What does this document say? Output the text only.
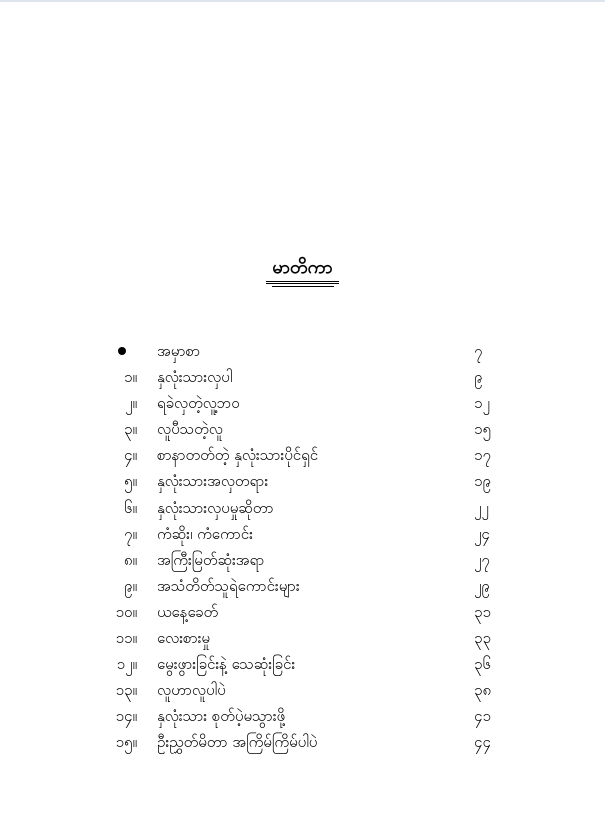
မာတိကာ
အမှာစာ	၇
၁။ နှလုံးသားလှပါ	၉
၂။ ရခဲလှတဲ့လူ့ဘဝ	၁၂
၃။ လူပီသတဲ့လူ	၁၅
၄။ စာနာတတ်တဲ့ နှလုံးသားပိုင်ရှင်	၁၇
၅။ နှလုံးသားအလှတရား	၁၉
၆။ နှလုံးသားလှပမှုဆိုတာ	၂၂
၇။ ကံဆိုး၊ ကံကောင်း	၂၄
၈။ အကြီးမြတ်ဆုံးအရာ	၂၇
၉။ အသံတိတ်သူရဲကောင်းများ	၂၉
၁၀။ ယနေ့ခေတ်	၃၁
၁၁။ လေးစားမှု	၃၃
၁၂။ မွေးဖွားခြင်းနဲ့ သေဆုံးခြင်း	၃၆
၁၃။ လူဟာလူပါပဲ	၃၈
၁၄။ နှလုံးသား စုတ်ပဲ့မသွားဖို့	၄၁
၁၅။ ဦးညွှတ်မိတာ အကြိမ်ကြိမ်ပါပဲ	၄၄
